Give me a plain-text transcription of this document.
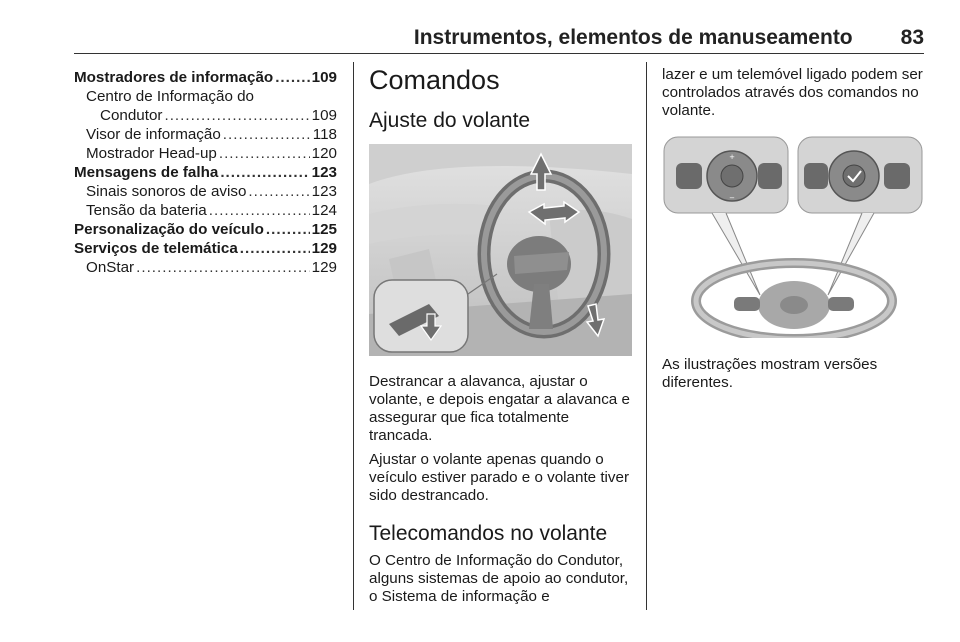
Instrumentos, elementos de manuseamento 83
Mostradores de informação .....	109
Centro de Informação do
Condutor .....	109
Visor de informação .....	118
Mostrador Head-up .....	120
Mensagens de falha .....	123
Sinais sonoros de aviso .....	123
Tensão da bateria .....	124
Personalização do veículo .....	125
Serviços de telemática .....	129
OnStar .....	129
Comandos
Ajuste do volante

Destrancar a alavanca, ajustar o volante, e depois engatar a alavanca e assegurar que fica totalmente trancada.

Ajustar o volante apenas quando o veículo estiver parado e o volante tiver sido destrancado.

Telecomandos no volante

O Centro de Informação do Condutor, alguns sistemas de apoio ao condutor, o Sistema de informação e

lazer e um telemóvel ligado podem ser controlados através dos comandos no volante.

+
−

As ilustrações mostram versões diferentes.
